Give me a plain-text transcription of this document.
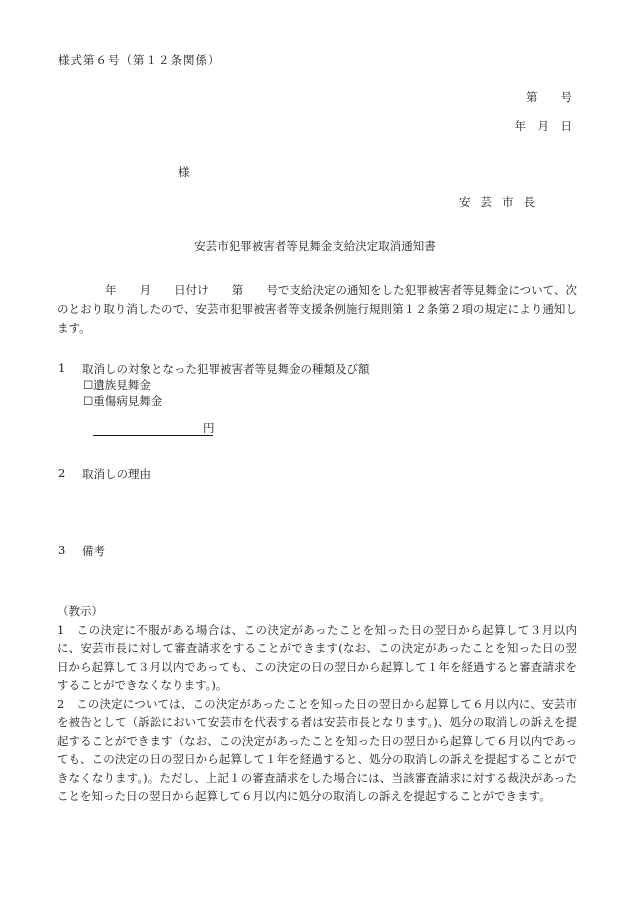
様式第６号（第１２条関係）
第　　号
年　月　日
様
安芸市長
安芸市犯罪被害者等見舞金支給決定取消通知書
年　　月　　日付け　　第　　号で支給決定の通知をした犯罪被害者等見舞金について、次のとおり取り消したので、安芸市犯罪被害者等支援条例施行規則第１２条第２項の規定により通知します。
1 取消しの対象となった犯罪被害者等見舞金の種類及び額
☐遺族見舞金
☐重傷病見舞金
円
2 取消しの理由
3 備考

（教示）

1　この決定に不服がある場合は、この決定があったことを知った日の翌日から起算して３月以内に、安芸市長に対して審査請求をすることができます(なお、この決定があったことを知った日の翌日から起算して３月以内であっても、この決定の日の翌日から起算して１年を経過すると審査請求をすることができなくなります。)。

2　この決定については、この決定があったことを知った日の翌日から起算して６月以内に、安芸市を被告として（訴訟において安芸市を代表する者は安芸市長となります。)、処分の取消しの訴えを提起することができます（なお、この決定があったことを知った日の翌日から起算して６月以内であっても、この決定の日の翌日から起算して１年を経過すると、処分の取消しの訴えを提起することができなくなります。)。ただし、上記１の審査請求をした場合には、当該審査請求に対する裁決があったことを知った日の翌日から起算して６月以内に処分の取消しの訴えを提起することができます。
